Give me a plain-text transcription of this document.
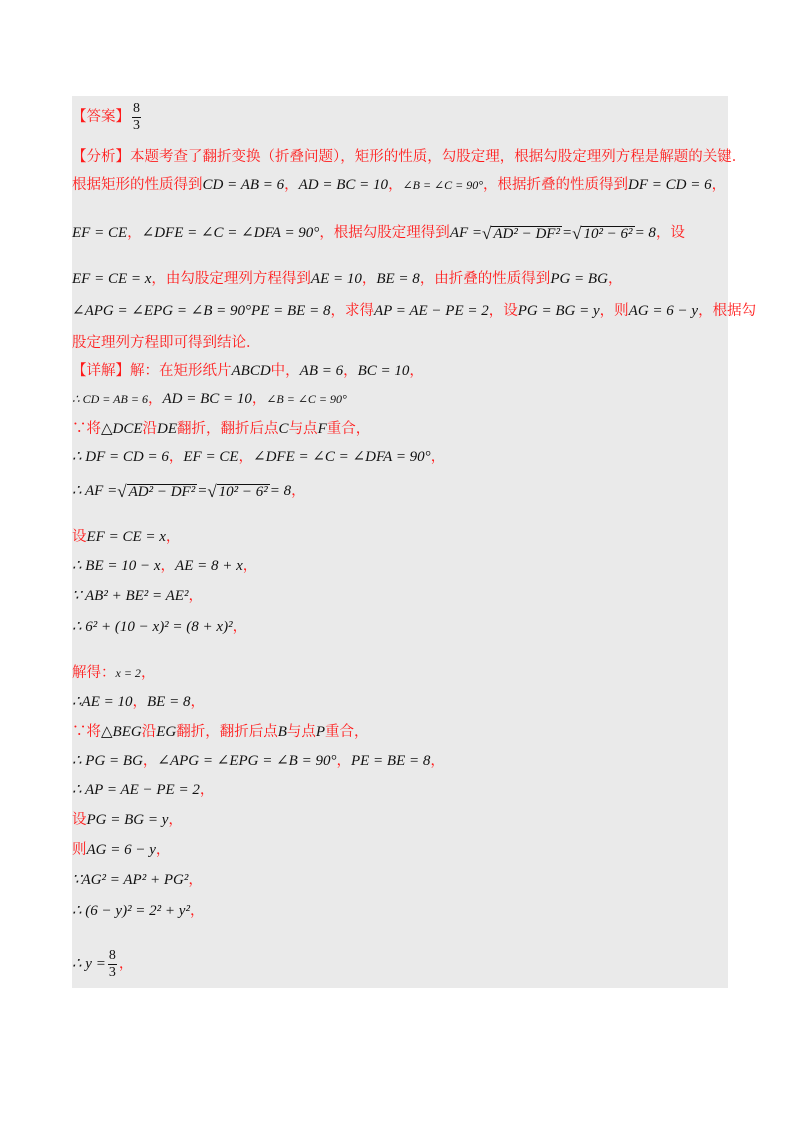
【答案】 $\frac{8}{3}$
【分析】 本题考查了翻折变换（折叠问题），矩形的性质，勾股定理，根据勾股定理列方程是解题的关键．
根据矩形的性质得到 CD = AB = 6 ， AD = BC = 10 ， ∠B = ∠C = 90° ，根据折叠的性质得到 DF = CD = 6 ，
EF = CE ， ∠DFE = ∠C = ∠DFA = 90° ，根据勾股定理得到 AF = √ AD² − DF² = √ 10² − 6² = 8 ，设
EF = CE = x ，由勾股定理列方程得到 AE = 10 ， BE = 8 ，由折叠的性质得到 PG = BG ，
∠APG = ∠EPG = ∠B = 90°PE = BE = 8 ，求得 AP = AE − PE = 2 ，设 PG = BG = y ，则 AG = 6 − y ，根据勾
股定理列方程即可得到结论．
【详解】 解：在矩形纸片 ABCD 中， AB = 6 ， BC = 10 ，
∴ CD = AB = 6 ， AD = BC = 10 ， ∠B = ∠C = 90°
∵将 △DCE 沿 DE 翻折，翻折后点 C 与点 F 重合，
∴ DF = CD = 6 ， EF = CE ， ∠DFE = ∠C = ∠DFA = 90° ，
∴ AF = √ AD² − DF² = √ 10² − 6² = 8 ，
设 EF = CE = x ，
∴ BE = 10 − x ， AE = 8 + x ，
∵ AB² + BE² = AE² ，
∴ 6² + (10 − x)² = (8 + x)² ，
解得： x = 2 ，
∴AE = 10 ， BE = 8 ，
∵将 △BEG 沿 EG 翻折，翻折后点 B 与点 P 重合，
∴ PG = BG ， ∠APG = ∠EPG = ∠B = 90° ， PE = BE = 8 ，
∴ AP = AE − PE = 2 ，
设 PG = BG = y ，
则 AG = 6 − y ，
∵AG² = AP² + PG² ，
∴ (6 − y)² = 2² + y² ，
∴ $y = \frac{8}{3}$ ，
